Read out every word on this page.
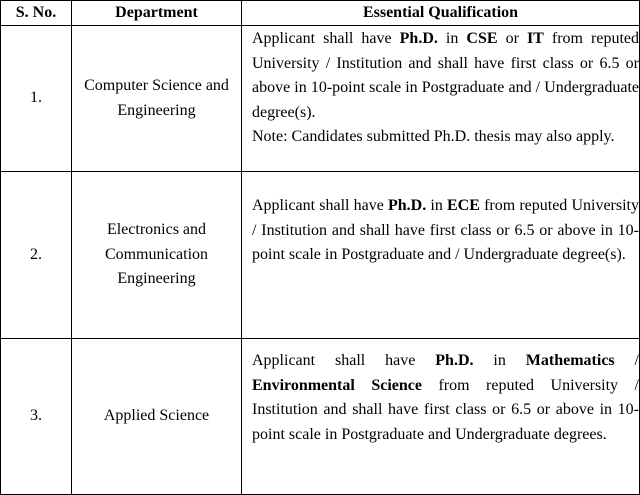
S. No.	Department	Essential Qualification
1.	Computer Science and Engineering	Applicant shall have Ph.D. in CSE or IT from reputed University / Institution and shall have first class or 6.5 or above in 10-point scale in Postgraduate and / Undergraduate degree(s).
Note: Candidates submitted Ph.D. thesis may also apply.

2.	Electronics and Communication Engineering	Applicant shall have Ph.D. in ECE from reputed University / Institution and shall have first class or 6.5 or above in 10-point scale in Postgraduate and / Undergraduate degree(s).

3.	Applied Science	Applicant shall have Ph.D. in Mathematics / Environmental Science from reputed University / Institution and shall have first class or 6.5 or above in 10-point scale in Postgraduate and Undergraduate degrees.
